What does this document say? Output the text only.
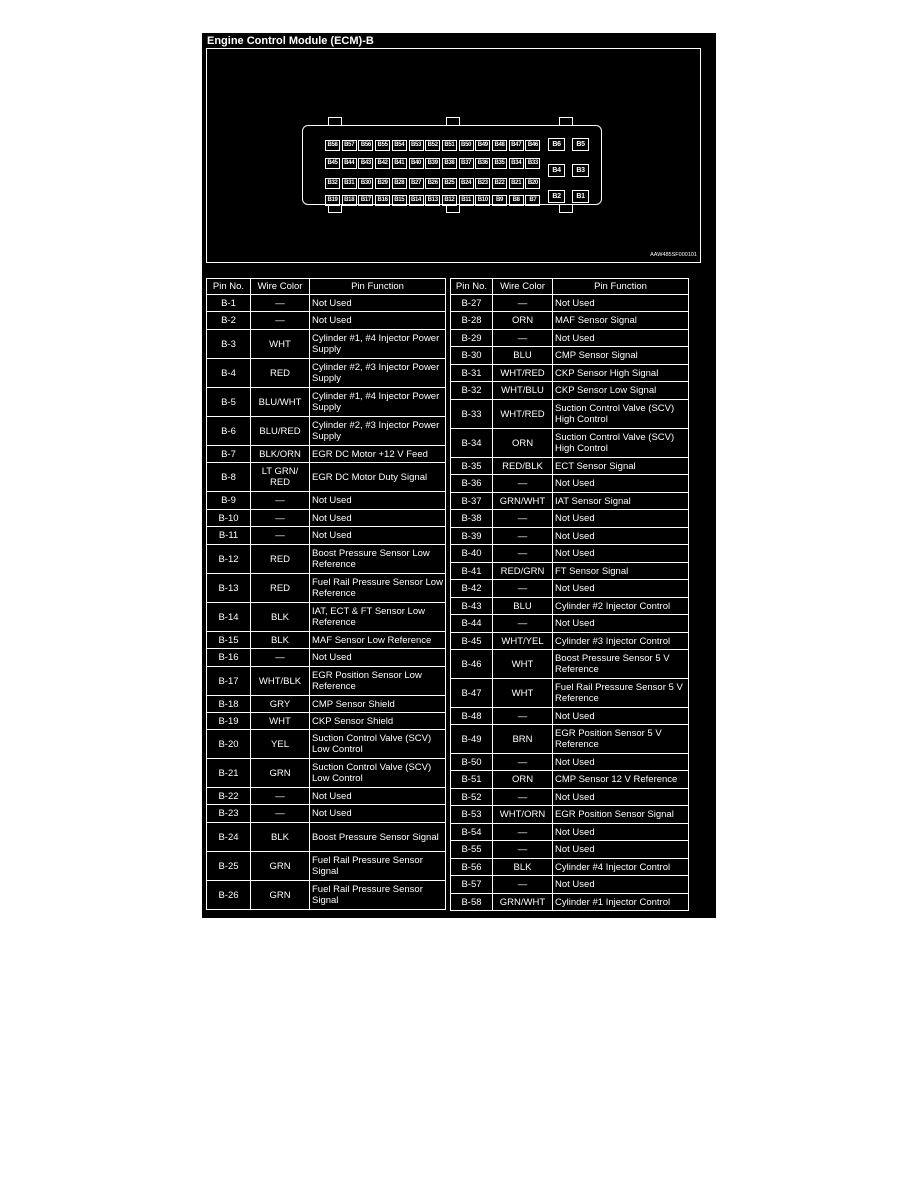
Engine Control Module (ECM)-B
B58	B57	B56	B55	B54	B53	B52	B51	B50	B49	B48	B47	B46
B45	B44	B43	B42	B41	B40	B39	B38	B37	B36	B35	B34	B33
B32	B31	B30	B29	B28	B27	B26	B25	B24	B23	B22	B21	B20
B19	B18	B17	B16	B15	B14	B13	B12	B11	B10	B9	B8	B7
B6	B5
B4	B3
B2	B1
AAW485SF000101
Pin No.	Wire Color	Pin Function
B-1	—	Not Used
B-2	—	Not Used
B-3	WHT	Cylinder #1, #4 Injector Power Supply
B-4	RED	Cylinder #2, #3 Injector Power Supply
B-5	BLU/WHT	Cylinder #1, #4 Injector Power Supply
B-6	BLU/RED	Cylinder #2, #3 Injector Power Supply
B-7	BLK/ORN	EGR DC Motor +12 V Feed
B-8	LT GRN/ RED	EGR DC Motor Duty Signal
B-9	—	Not Used
B-10	—	Not Used
B-11	—	Not Used
B-12	RED	Boost Pressure Sensor Low Reference
B-13	RED	Fuel Rail Pressure Sensor Low Reference
B-14	BLK	IAT, ECT & FT Sensor Low Reference
B-15	BLK	MAF Sensor Low Reference
B-16	—	Not Used
B-17	WHT/BLK	EGR Position Sensor Low Reference
B-18	GRY	CMP Sensor Shield
B-19	WHT	CKP Sensor Shield
B-20	YEL	Suction Control Valve (SCV) Low Control
B-21	GRN	Suction Control Valve (SCV) Low Control
B-22	—	Not Used
B-23	—	Not Used
B-24	BLK	Boost Pressure Sensor Signal
B-25	GRN	Fuel Rail Pressure Sensor Signal
B-26	GRN	Fuel Rail Pressure Sensor Signal
Pin No.	Wire Color	Pin Function
B-27	—	Not Used
B-28	ORN	MAF Sensor Signal
B-29	—	Not Used
B-30	BLU	CMP Sensor Signal
B-31	WHT/RED	CKP Sensor High Signal
B-32	WHT/BLU	CKP Sensor Low Signal
B-33	WHT/RED	Suction Control Valve (SCV) High Control
B-34	ORN	Suction Control Valve (SCV) High Control
B-35	RED/BLK	ECT Sensor Signal
B-36	—	Not Used
B-37	GRN/WHT	IAT Sensor Signal
B-38	—	Not Used
B-39	—	Not Used
B-40	—	Not Used
B-41	RED/GRN	FT Sensor Signal
B-42	—	Not Used
B-43	BLU	Cylinder #2 Injector Control
B-44	—	Not Used
B-45	WHT/YEL	Cylinder #3 Injector Control
B-46	WHT	Boost Pressure Sensor 5 V Reference
B-47	WHT	Fuel Rail Pressure Sensor 5 V Reference
B-48	—	Not Used
B-49	BRN	EGR Position Sensor 5 V Reference
B-50	—	Not Used
B-51	ORN	CMP Sensor 12 V Reference
B-52	—	Not Used
B-53	WHT/ORN	EGR Position Sensor Signal
B-54	—	Not Used
B-55	—	Not Used
B-56	BLK	Cylinder #4 Injector Control
B-57	—	Not Used
B-58	GRN/WHT	Cylinder #1 Injector Control
